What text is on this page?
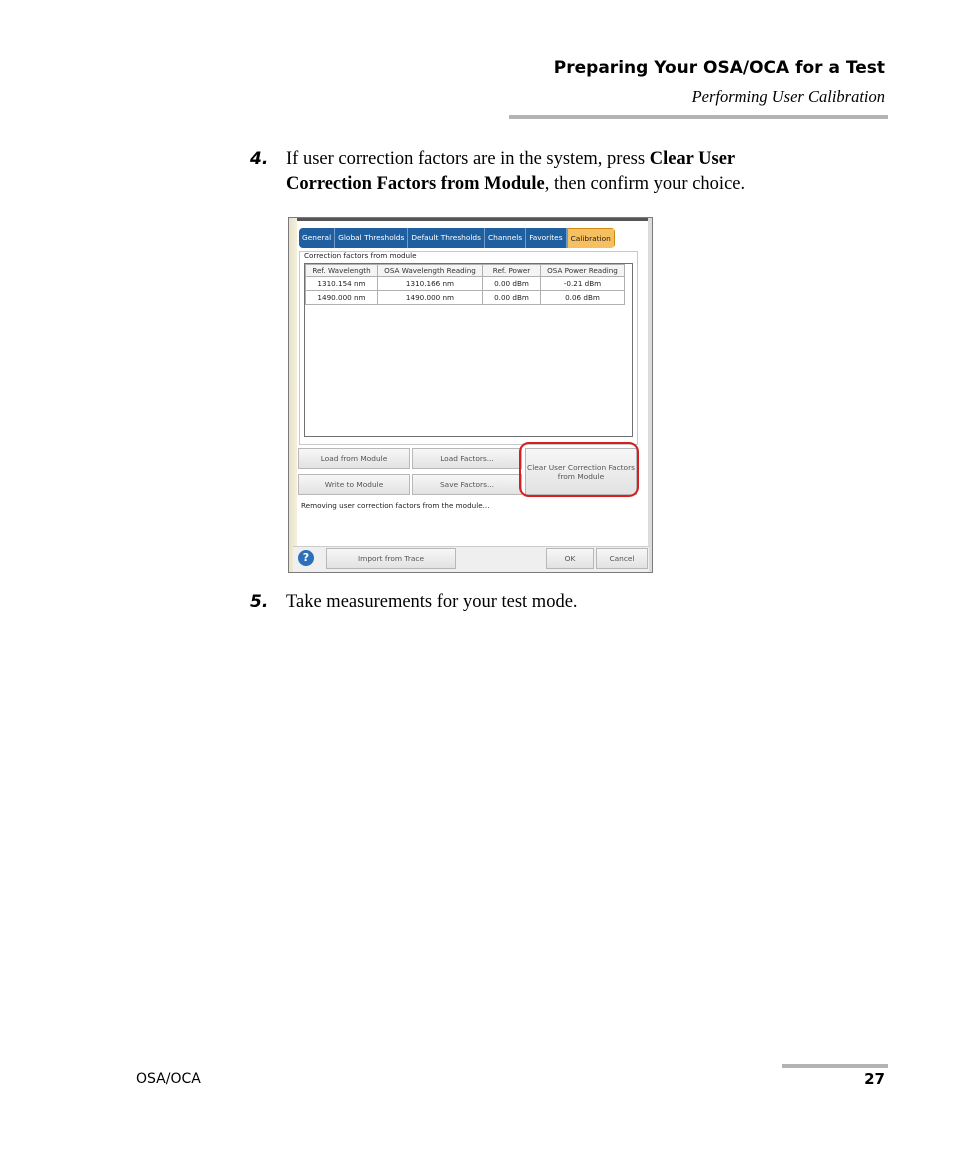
Preparing Your OSA/OCA for a Test
Performing User Calibration
4. If user correction factors are in the system, press Clear User
Correction Factors from Module, then confirm your choice.
General Global Thresholds Default Thresholds Channels Favorites	Calibration
Correction factors from module
Ref. Wavelength	OSA Wavelength Reading	Ref. Power	OSA Power Reading
1310.154 nm	1310.166 nm	0.00 dBm	-0.21 dBm
1490.000 nm	1490.000 nm	0.00 dBm	0.06 dBm
Load from Module	Load Factors...
Write to Module	Save Factors...
Clear User Correction Factors
from Module
Removing user correction factors from the module...
?	Import from Trace	OK	Cancel
5. Take measurements for your test mode.
OSA/OCA	27
